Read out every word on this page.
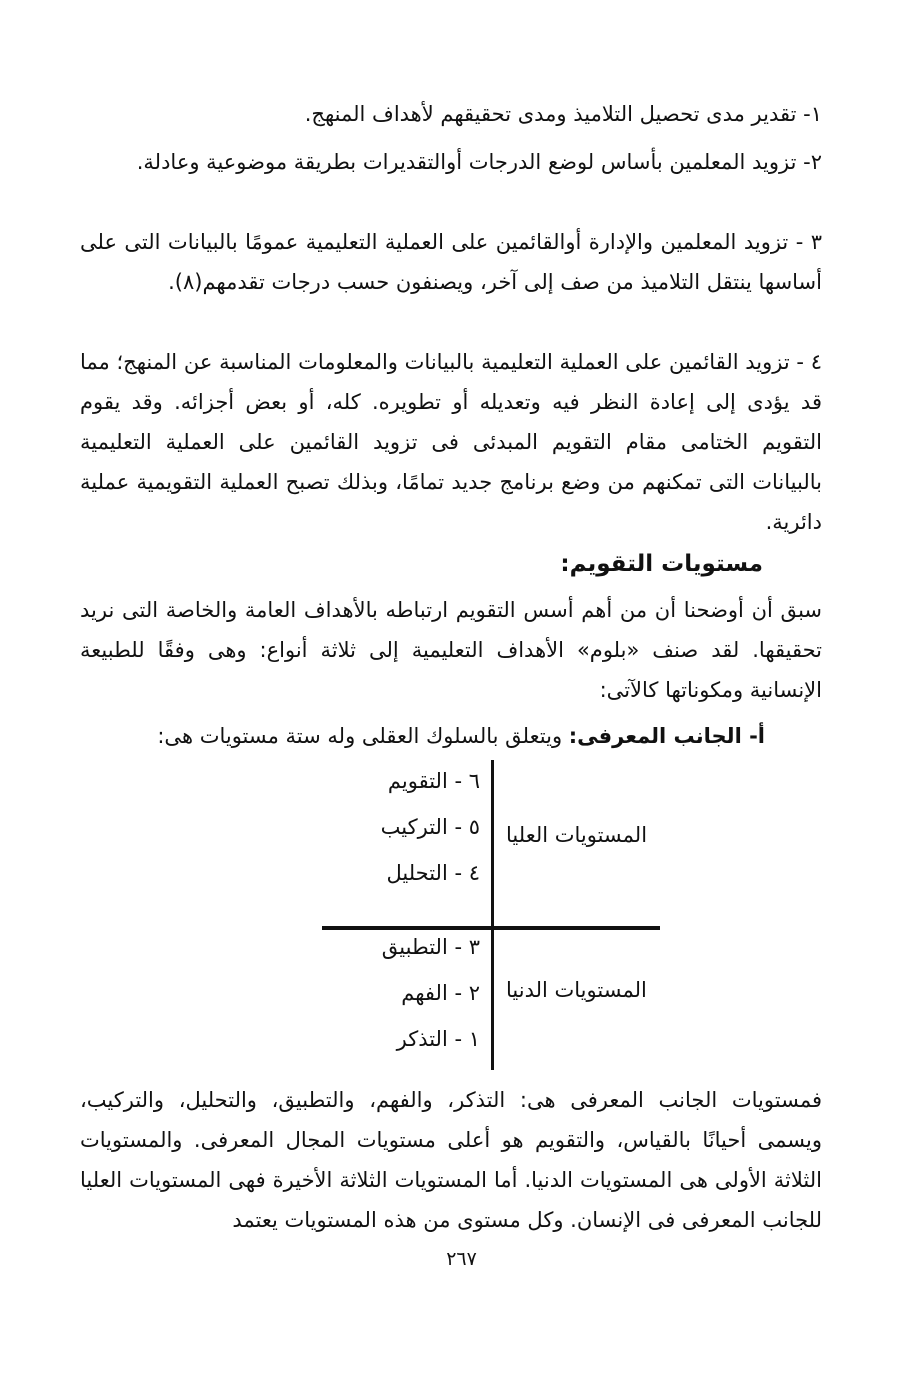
١- تقدير مدى تحصيل التلاميذ ومدى تحقيقهم لأهداف المنهج.
٢- تزويد المعلمين بأساس لوضع الدرجات أوالتقديرات بطريقة موضوعية وعادلة.
٣ - تزويد المعلمين والإدارة أوالقائمين على العملية التعليمية عمومًا بالبيانات التى على أساسها ينتقل التلاميذ من صف إلى آخر، ويصنفون حسب درجات تقدمهم(٨).
٤ - تزويد القائمين على العملية التعليمية بالبيانات والمعلومات المناسبة عن المنهج؛ مما قد يؤدى إلى إعادة النظر فيه وتعديله أو تطويره. كله، أو بعض أجزائه. وقد يقوم التقويم الختامى مقام التقويم المبدئى فى تزويد القائمين على العملية التعليمية بالبيانات التى تمكنهم من وضع برنامج جديد تمامًا، وبذلك تصبح العملية التقويمية عملية دائرية.
مستويات التقويم:
سبق أن أوضحنا أن من أهم أسس التقويم ارتباطه بالأهداف العامة والخاصة التى نريد تحقيقها. لقد صنف «بلوم» الأهداف التعليمية إلى ثلاثة أنواع: وهى وفقًا للطبيعة الإنسانية ومكوناتها كالآتى:
أ- الجانب المعرفى: ويتعلق بالسلوك العقلى وله ستة مستويات هى:
٦ - التقويم
٥ - التركيب
٤ - التحليل
المستويات العليا
٣ - التطبيق
٢ - الفهم
١ - التذكر
المستويات الدنيا
فمستويات الجانب المعرفى هى: التذكر، والفهم، والتطبيق، والتحليل، والتركيب، ويسمى أحيانًا بالقياس، والتقويم هو أعلى مستويات المجال المعرفى. والمستويات الثلاثة الأولى هى المستويات الدنيا. أما المستويات الثلاثة الأخيرة فهى المستويات العليا للجانب المعرفى فى الإنسان. وكل مستوى من هذه المستويات يعتمد
٢٦٧
